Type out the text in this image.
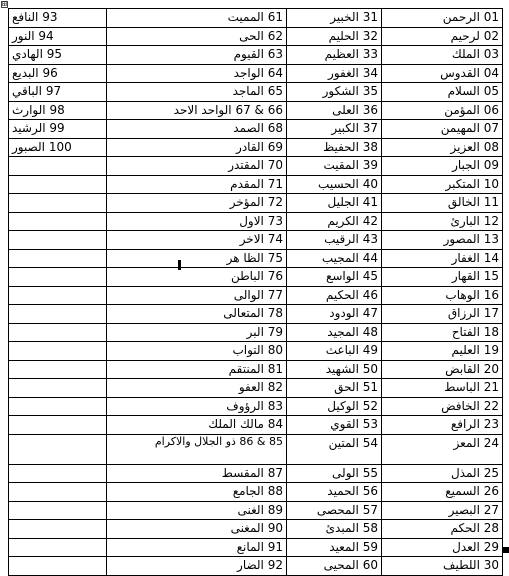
⊞
93 النافع	61 المميت	31 الخبير	01 الرحمن
94 النور	62 الحى	32 الحليم	02 لرحيم
95 الهادي	63 القيوم	33 العظيم	03 الملك
96 البديع	64 الواجد	34 الغفور	04 القدوس
97 الباقي	65 الماجد	35 الشكور	05 السلام
98 الوارث	66 & 67 الواحد الاحد	36 العلى	06 المؤمن
99 الرشيد	68 الصمد	37 الكبير	07 المهيمن
100 الصبور	69 القادر	38 الحفيظ	08 العزيز
	70 المقتدر	39 المقيت	09 الجبار
	71 المقدم	40 الحسيب	10 المتكبر
	72 المؤخر	41 الجليل	11 الخالق
	73 الاول	42 الكريم	12 البارئ
	74 الاخر	43 الرقيب	13 المصور
	75 الظا هر	44 المجيب	14 الغفار
	76 الباطن	45 الواسع	15 القهار
	77 الوالى	46 الحكيم	16 الوهاب
	78 المتعالى	47 الودود	17 الرزاق
	79 البر	48 المجيد	18 الفتاح
	80 التواب	49 الباعث	19 العليم
	81 المنتقم	50 الشهيد	20 القابض
	82 العفو	51 الحق	21 الباسط
	83 الرؤوف	52 الوكيل	22 الخافض
	84 مالك الملك	53 القوي	23 الرافع
	85 & 86 ذو الجلال والاكرام	54 المتين	24 المعز
	87 المقسط	55 الولى	25 المذل
	88 الجامع	56 الحميد	26 السميع
	89 الغنى	57 المحصى	27 البصير
	90 المغنى	58 المبدئ	28 الحكم
	91 المانع	59 المعيد	29 العدل
	92 الضار	60 المحيى	30 اللطيف
